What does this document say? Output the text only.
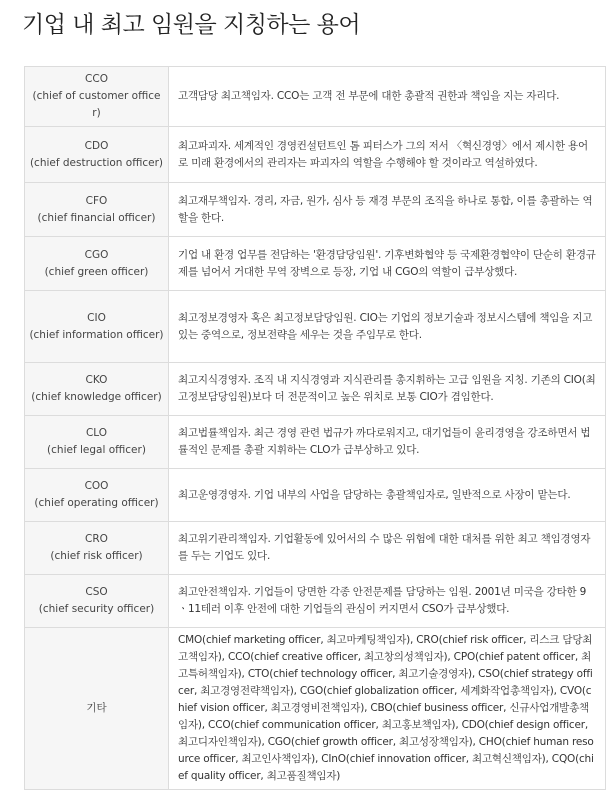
기업 내 최고 임원을 지칭하는 용어
CCO
(chief of customer officer)	고객담당 최고책임자. CCO는 고객 전 부문에 대한 총괄적 권한과 책임을 지는 자리다.

CDO
(chief destruction officer)	최고파괴자. 세계적인 경영컨설턴트인 톰 피터스가 그의 저서 〈혁신경영〉에서 제시한 용어로 미래 환경에서의 관리자는 파괴자의 역할을 수행해야 할 것이라고 역설하였다.

CFO
(chief financial officer)	최고재무책임자. 경리, 자금, 원가, 심사 등 재경 부문의 조직을 하나로 통합, 이를 총괄하는 역할을 한다.

CGO
(chief green officer)	기업 내 환경 업무를 전담하는 '환경담당임원'. 기후변화협약 등 국제환경협약이 단순히 환경규제를 넘어서 거대한 무역 장벽으로 등장, 기업 내 CGO의 역할이 급부상했다.

CIO
(chief information officer)	최고정보경영자 혹은 최고정보담당임원. CIO는 기업의 정보기술과 정보시스템에 책임을 지고 있는 중역으로, 정보전략을 세우는 것을 주임무로 한다.

CKO
(chief knowledge officer)	최고지식경영자. 조직 내 지식경영과 지식관리를 총지휘하는 고급 임원을 지칭. 기존의 CIO(최고정보담당임원)보다 더 전문적이고 높은 위치로 보통 CIO가 겸임한다.

CLO
(chief legal officer)	최고법률책임자. 최근 경영 관련 법규가 까다로워지고, 대기업들이 윤리경영을 강조하면서 법률적인 문제를 총괄 지휘하는 CLO가 급부상하고 있다.

COO
(chief operating officer)	최고운영경영자. 기업 내부의 사업을 담당하는 총괄책임자로, 일반적으로 사장이 맡는다.

CRO
(chief risk officer)	최고위기관리책임자. 기업활동에 있어서의 수 많은 위험에 대한 대처를 위한 최고 책임경영자를 두는 기업도 있다.

CSO
(chief security officer)	최고안전책임자. 기업들이 당면한 각종 안전문제를 담당하는 임원. 2001년 미국을 강타한 9ㆍ11테러 이후 안전에 대한 기업들의 관심이 커지면서 CSO가 급부상했다.

기타	CMO(chief marketing officer, 최고마케팅책임자), CRO(chief risk officer, 리스크 담당최고책임자), CCO(chief creative officer, 최고창의성책임자), CPO(chief patent officer, 최고특허책임자), CTO(chief technology officer, 최고기술경영자), CSO(chief strategy officer, 최고경영전략책임자), CGO(chief globalization officer, 세계화작업총책임자), CVO(chief vision officer, 최고경영비전책임자), CBO(chief business officer, 신규사업개발총책임자), CCO(chief communication officer, 최고홍보책임자), CDO(chief design officer, 최고디자인책임자), CGO(chief growth officer, 최고성장책임자), CHO(chief human resource officer, 최고인사책임자), CInO(chief innovation officer, 최고혁신책임자), CQO(chief quality officer, 최고품질책임자)
